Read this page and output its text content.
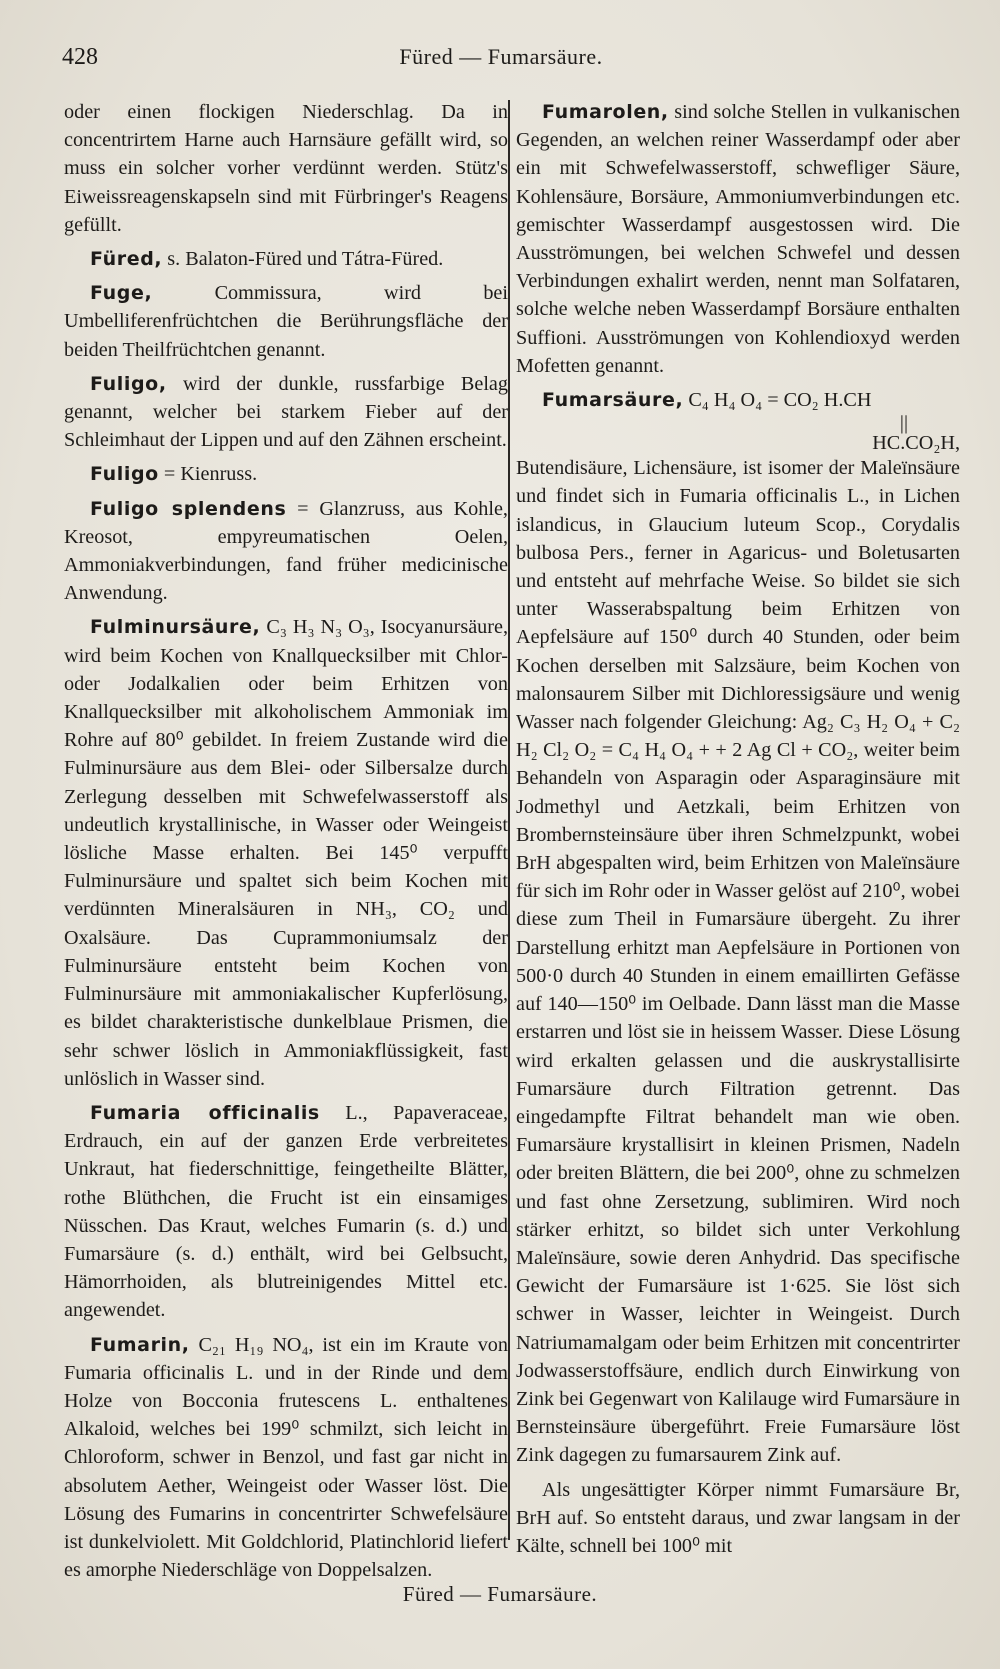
428	Füred — Fumarsäure.

oder einen flockigen Niederschlag. Da in concentrirtem Harne auch Harnsäure gefällt wird, so muss ein solcher vorher verdünnt werden. Stütz's Eiweissreagenskapseln sind mit Fürbringer's Reagens gefüllt.

Füred, s. Balaton-Füred und Tátra-Füred.

Fuge,	Commissura, wird bei Umbelliferenfrüchtchen die Berührungsfläche der beiden Theilfrüchtchen genannt.

Fuligo, wird der dunkle, russfarbige Belag genannt, welcher bei starkem Fieber auf der Schleimhaut der Lippen und auf den Zähnen erscheint.

Fuligo = Kienruss.

Fuligo splendens = Glanzruss, aus Kohle, Kreosot, empyreumatischen Oelen, Ammoniakverbindungen, fand früher medicinische Anwendung.

Fulminursäure, C₃ H₃ N₃ O₃, Isocyanursäure, wird beim Kochen von Knallquecksilber mit Chlor- oder Jodalkalien oder beim Erhitzen von Knallquecksilber mit alkoholischem Ammoniak im Rohre auf 80⁰ gebildet. In freiem Zustande wird die Fulminursäure aus dem Blei- oder Silbersalze durch Zerlegung desselben mit Schwefelwasserstoff als undeutlich krystallinische, in Wasser oder Weingeist lösliche Masse erhalten. Bei 145⁰ verpufft Fulminursäure und spaltet sich beim Kochen mit verdünnten Mineralsäuren in NH₃, CO₂ und Oxalsäure. Das Cuprammoniumsalz der Fulminursäure entsteht beim Kochen von Fulminursäure mit ammoniakalischer Kupferlösung, es bildet charakteristische dunkelblaue Prismen, die sehr schwer löslich in Ammoniakflüssigkeit, fast unlöslich in Wasser sind.

Fumaria officinalis L., Papaveraceae, Erdrauch, ein auf der ganzen Erde verbreitetes Unkraut, hat fiederschnittige, feingetheilte Blätter, rothe Blüthchen, die Frucht ist ein einsamiges Nüsschen. Das Kraut, welches Fumarin (s. d.) und Fumarsäure (s. d.) enthält, wird bei Gelbsucht, Hämorrhoiden, als blutreinigendes Mittel etc. angewendet.

Fumarin, C₂₁ H₁₉ NO₄, ist ein im Kraute von Fumaria officinalis L. und in der Rinde und dem Holze von Bocconia frutescens L. enthaltenes Alkaloid, welches bei 199⁰ schmilzt, sich leicht in Chloroform, schwer in Benzol, und fast gar nicht in absolutem Aether, Weingeist oder Wasser löst. Die Lösung des Fumarins in concentrirter Schwefelsäure ist dunkelviolett. Mit Goldchlorid, Platinchlorid liefert es amorphe Niederschläge von Doppelsalzen.

Fumarolen, sind solche Stellen in vulkanischen Gegenden, an welchen reiner Wasserdampf oder aber ein mit Schwefelwasserstoff, schwefliger Säure, Kohlensäure, Borsäure, Ammoniumverbindungen etc. gemischter Wasserdampf ausgestossen wird. Die Ausströmungen, bei welchen Schwefel und dessen Verbindungen exhalirt werden, nennt man Solfataren, solche welche neben Wasserdampf Borsäure enthalten Suffioni. Ausströmungen von Kohlendioxyd werden Mofetten genannt.

Fumarsäure, C₄ H₄ O₄ = CO₂ H.CH

||

HC.CO₂H,

Butendisäure, Lichensäure, ist isomer der Maleïnsäure und findet sich in Fumaria officinalis L., in Lichen islandicus, in Glaucium luteum Scop., Corydalis bulbosa Pers., ferner in Agaricus- und Boletusarten und entsteht auf mehrfache Weise. So bildet sie sich unter Wasserabspaltung beim Erhitzen von Aepfelsäure auf 150⁰ durch 40 Stunden, oder beim Kochen derselben mit Salzsäure, beim Kochen von malonsaurem Silber mit Dichloressigsäure und wenig Wasser nach folgender Gleichung: Ag₂ C₃ H₂ O₄ + C₂ H₂ Cl₂ O₂ = C₄ H₄ O₄ + + 2 Ag Cl + CO₂, weiter beim Behandeln von Asparagin oder Asparaginsäure mit Jodmethyl und Aetzkali, beim Erhitzen von Brombernsteinsäure über ihren Schmelzpunkt, wobei BrH abgespalten wird, beim Erhitzen von Maleïnsäure für sich im Rohr oder in Wasser gelöst auf 210⁰, wobei diese zum Theil in Fumarsäure übergeht. Zu ihrer Darstellung erhitzt man Aepfelsäure in Portionen von 500·0 durch 40 Stunden in einem emaillirten Gefässe auf 140—150⁰ im Oelbade. Dann lässt man die Masse erstarren und löst sie in heissem Wasser. Diese Lösung wird erkalten gelassen und die auskrystallisirte Fumarsäure durch Filtration getrennt. Das eingedampfte Filtrat behandelt man wie oben. Fumarsäure krystallisirt in kleinen Prismen, Nadeln oder breiten Blättern, die bei 200⁰, ohne zu schmelzen und fast ohne Zersetzung, sublimiren. Wird noch stärker erhitzt, so bildet sich unter Verkohlung Maleïnsäure, sowie deren Anhydrid. Das specifische Gewicht der Fumarsäure ist 1·625. Sie löst sich schwer in Wasser, leichter in Weingeist. Durch Natriumamalgam oder beim Erhitzen mit concentrirter Jodwasserstoffsäure, endlich durch Einwirkung von Zink bei Gegenwart von Kalilauge wird Fumarsäure in Bernsteinsäure übergeführt. Freie Fumarsäure löst Zink dagegen zu fumarsaurem Zink auf.

Als ungesättigter Körper nimmt Fumarsäure Br, BrH auf. So entsteht daraus, und zwar langsam in der Kälte, schnell bei 100⁰ mit

Füred — Fumarsäure.
